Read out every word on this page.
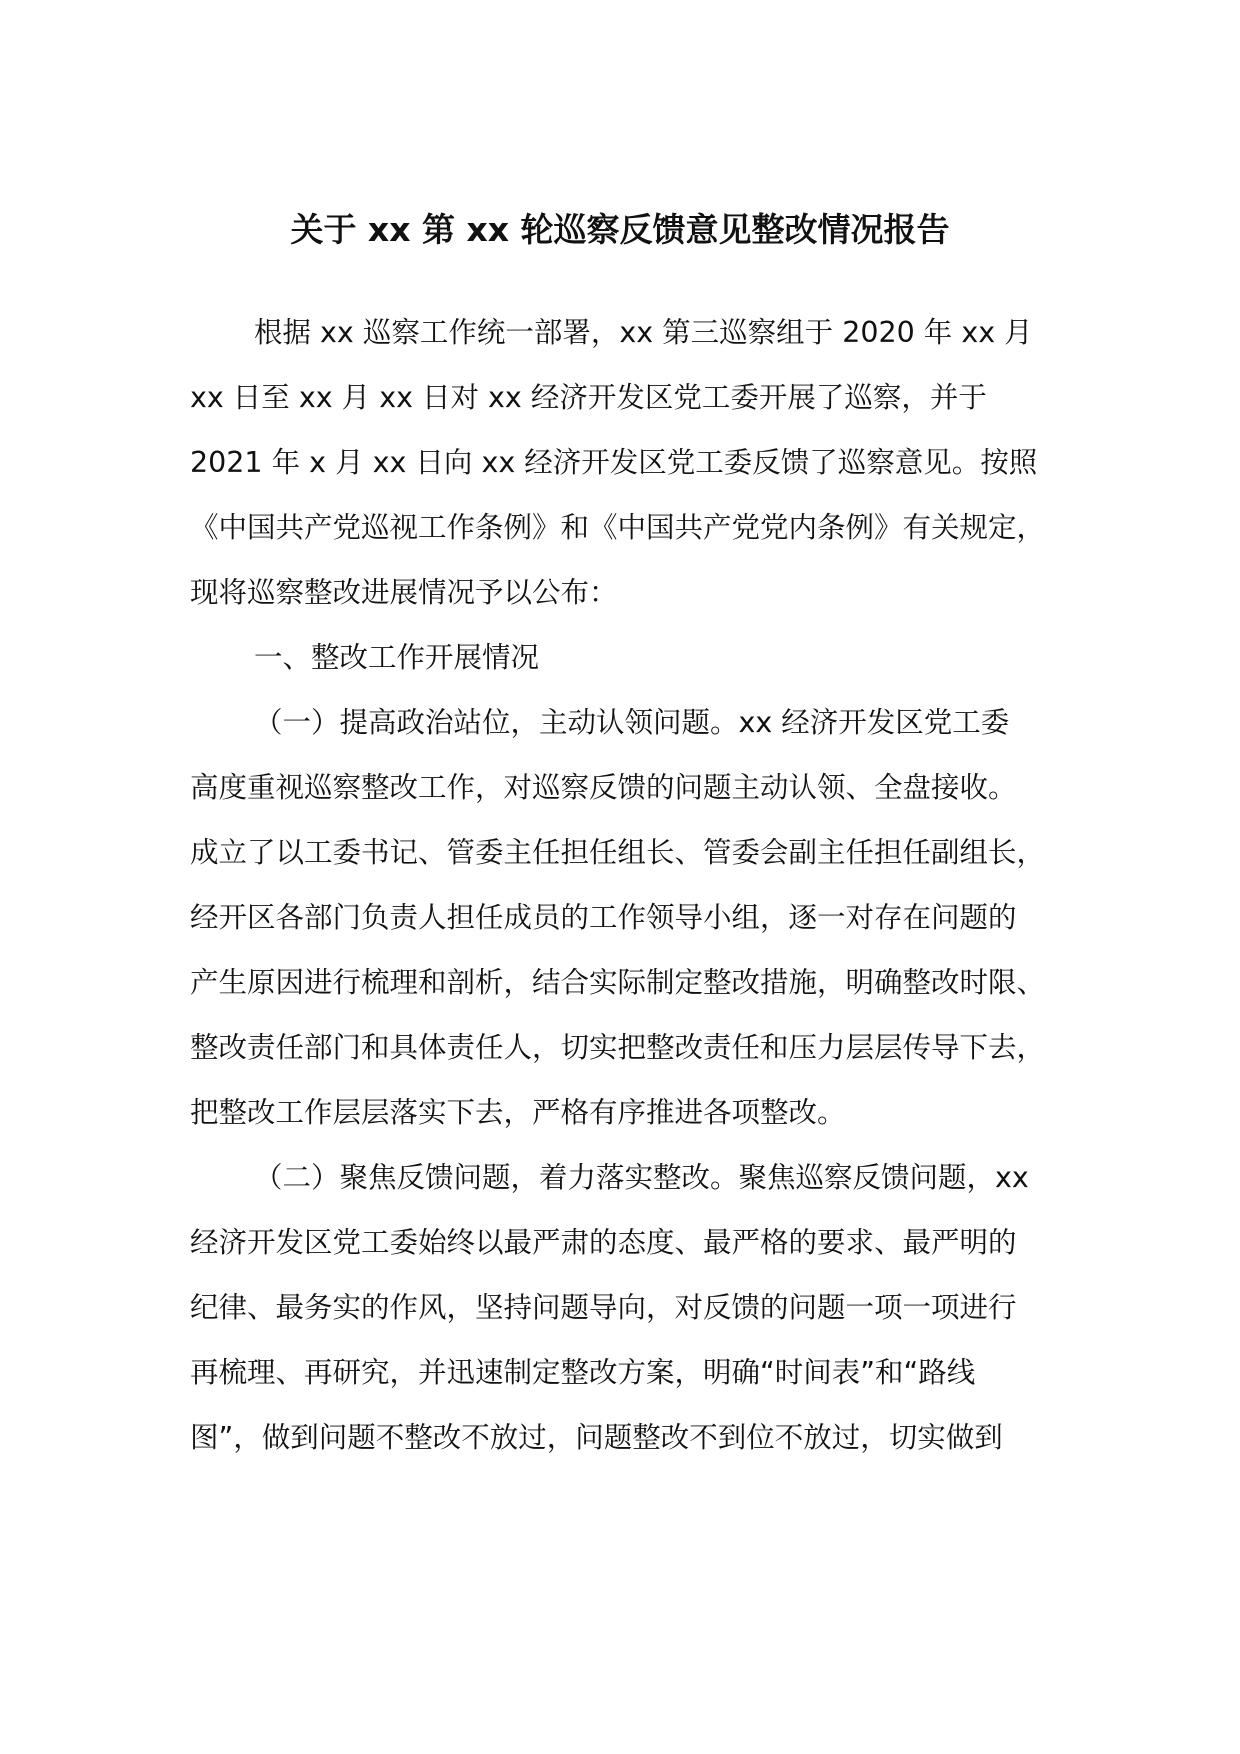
关于 xx 第 xx 轮巡察反馈意见整改情况报告
根据 xx 巡察工作统一部署，xx 第三巡察组于 2020 年 xx 月
xx 日至 xx 月 xx 日对 xx 经济开发区党工委开展了巡察，并于
2021 年 x 月 xx 日向 xx 经济开发区党工委反馈了巡察意见。按照
《中国共产党巡视工作条例》和《中国共产党党内条例》有关规定，
现将巡察整改进展情况予以公布：
一、整改工作开展情况
（一）提高政治站位，主动认领问题。xx 经济开发区党工委
高度重视巡察整改工作，对巡察反馈的问题主动认领、全盘接收。
成立了以工委书记、管委主任担任组长、管委会副主任担任副组长，
经开区各部门负责人担任成员的工作领导小组，逐一对存在问题的
产生原因进行梳理和剖析，结合实际制定整改措施，明确整改时限、
整改责任部门和具体责任人，切实把整改责任和压力层层传导下去，
把整改工作层层落实下去，严格有序推进各项整改。
（二）聚焦反馈问题，着力落实整改。聚焦巡察反馈问题，xx
经济开发区党工委始终以最严肃的态度、最严格的要求、最严明的
纪律、最务实的作风，坚持问题导向，对反馈的问题一项一项进行
再梳理、再研究，并迅速制定整改方案，明确“时间表”和“路线
图”，做到问题不整改不放过，问题整改不到位不放过，切实做到
